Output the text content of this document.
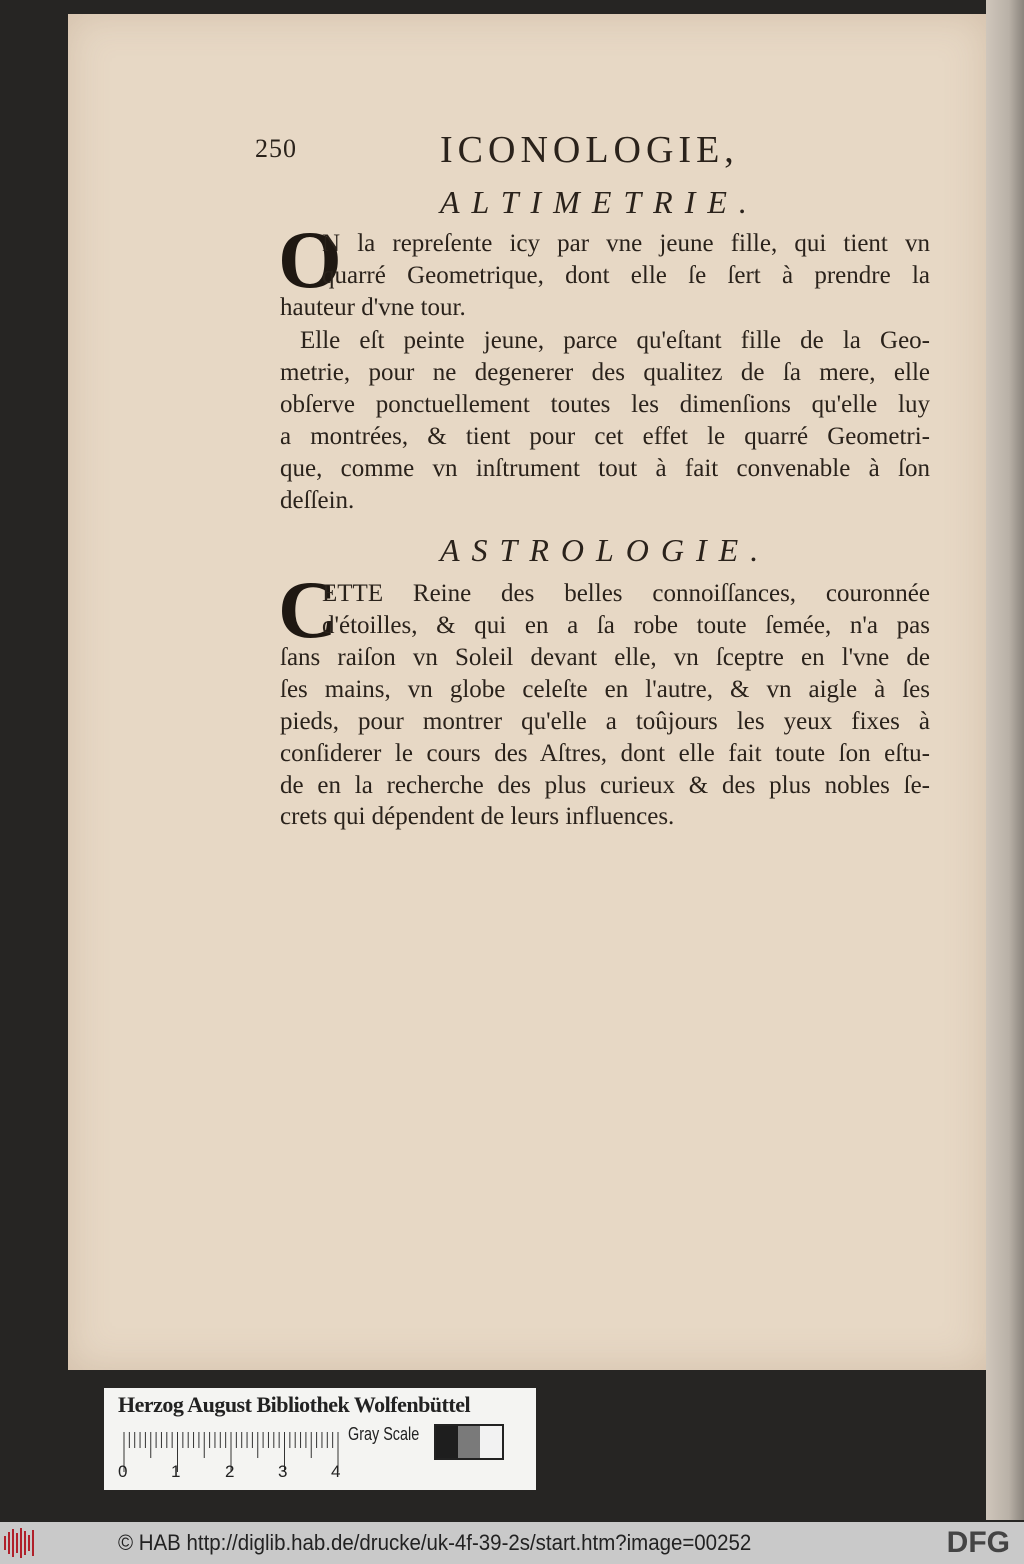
250	ICONOLOGIE,
ALTIMETRIE.
O
N la repreſente icy par vne jeune fille, qui tient vn
quarré Geometrique, dont elle ſe ſert à prendre la
hauteur d'vne tour.
Elle eſt peinte jeune, parce qu'eſtant fille de la Geo-
metrie, pour ne degenerer des qualitez de ſa mere, elle
obſerve ponctuellement toutes les dimenſions qu'elle luy
a montrées, & tient pour cet effet le quarré Geometri-
que, comme vn inſtrument tout à fait convenable à ſon
deſſein.
ASTROLOGIE.
C
ETTE Reine des belles connoiſſances, couronnée
d'étoilles, & qui en a ſa robe toute ſemée, n'a pas
ſans raiſon vn Soleil devant elle, vn ſceptre en l'vne de
ſes mains, vn globe celeſte en l'autre, & vn aigle à ſes
pieds, pour montrer qu'elle a toûjours les yeux fixes à
conſiderer le cours des Aſtres, dont elle fait toute ſon eſtu-
de en la recherche des plus curieux & des plus nobles ſe-
crets qui dépendent de leurs influences.
Herzog August Bibliothek Wolfenbüttel
0	1	2	3	4
Gray Scale
© HAB http://diglib.hab.de/drucke/uk-4f-39-2s/start.htm?image=00252	DFG
